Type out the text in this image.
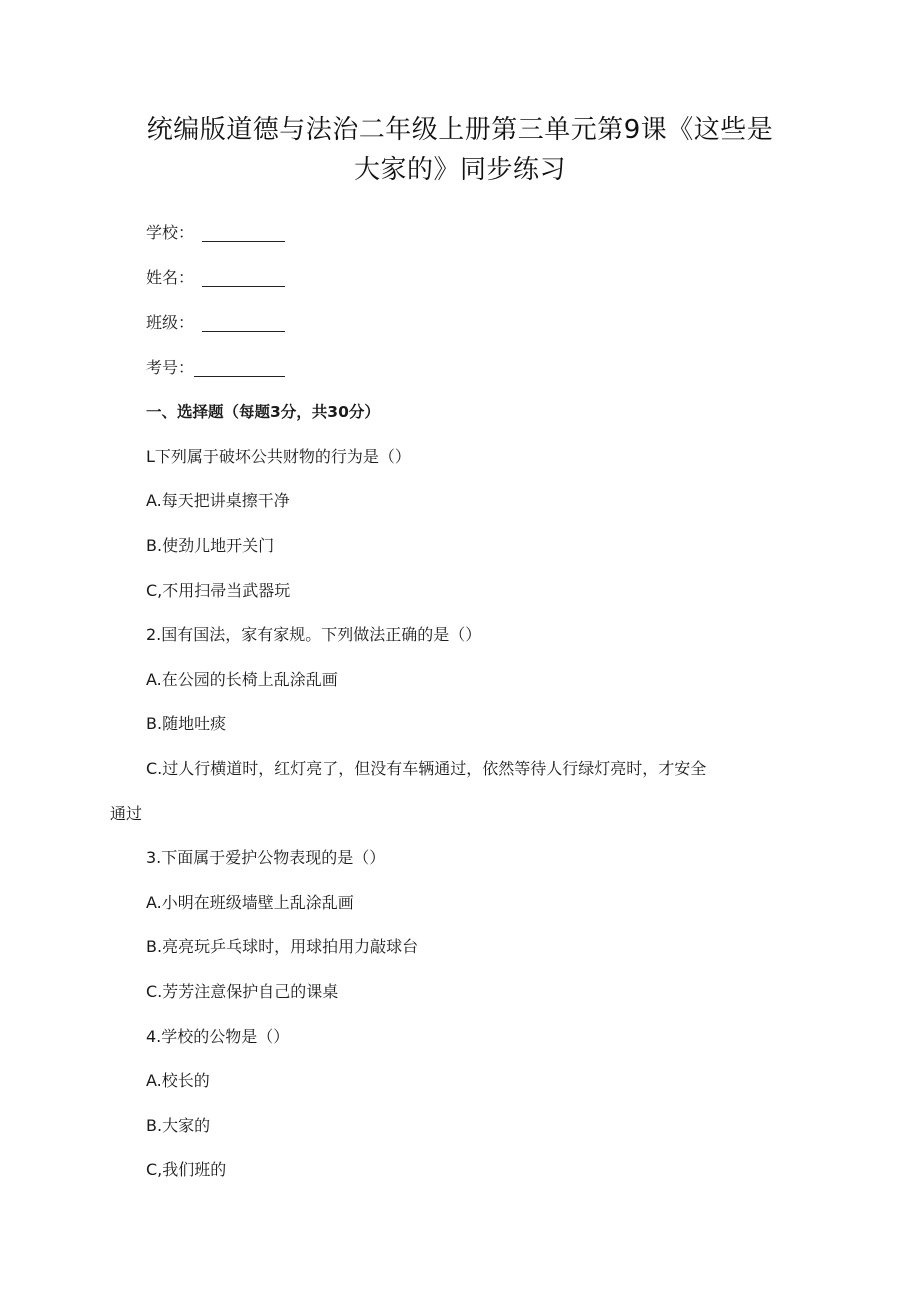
统编版道德与法治二年级上册第三单元第9课《这些是
大家的》同步练习
学校：
姓名：
班级：
考号：
一、选择题（每题3分，共30分）
L下列属于破坏公共财物的行为是（）
A.每天把讲桌擦干净
B.使劲儿地开关门
C,不用扫帚当武器玩
2.国有国法，家有家规。下列做法正确的是（）
A.在公园的长椅上乱涂乱画
B.随地吐痰
C.过人行横道时，红灯亮了，但没有车辆通过，依然等待人行绿灯亮时，才安全
通过
3.下面属于爱护公物表现的是（）
A.小明在班级墙壁上乱涂乱画
B.亮亮玩乒乓球时，用球拍用力敲球台
C.芳芳注意保护自己的课桌
4.学校的公物是（）
A.校长的
B.大家的
C,我们班的
